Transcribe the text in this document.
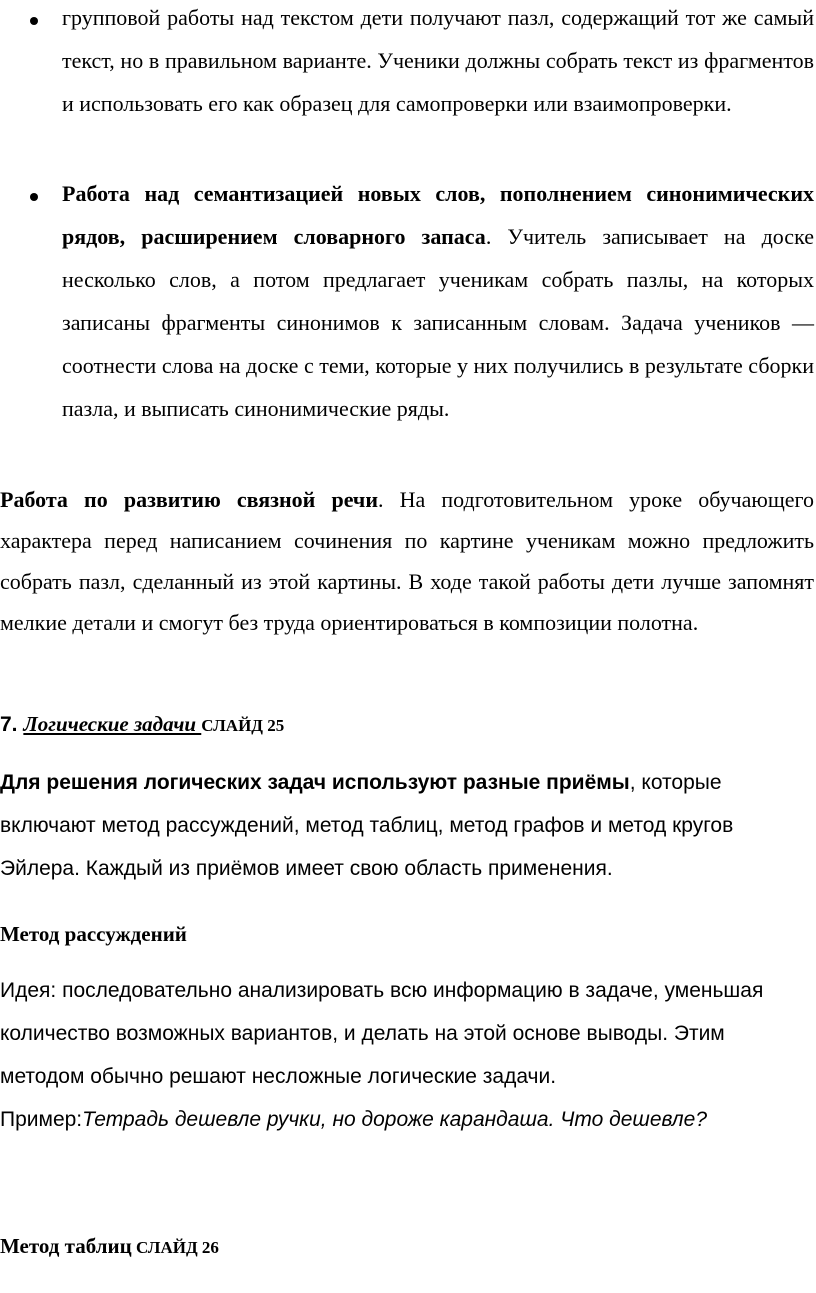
групповой работы над текстом дети получают пазл, содержащий тот же самый текст, но в правильном варианте. Ученики должны собрать текст из фрагментов и использовать его как образец для самопроверки или взаимопроверки.
Работа над семантизацией новых слов, пополнением синонимических рядов, расширением словарного запаса. Учитель записывает на доске несколько слов, а потом предлагает ученикам собрать пазлы, на которых записаны фрагменты синонимов к записанным словам. Задача учеников — соотнести слова на доске с теми, которые у них получились в результате сборки пазла, и выписать синонимические ряды.
Работа по развитию связной речи. На подготовительном уроке обучающего характера перед написанием сочинения по картине ученикам можно предложить собрать пазл, сделанный из этой картины. В ходе такой работы дети лучше запомнят мелкие детали и смогут без труда ориентироваться в композиции полотна.
7. Логические задачи СЛАЙД 25
Для решения логических задач используют разные приёмы, которые включают метод рассуждений, метод таблиц, метод графов и метод кругов Эйлера. Каждый из приёмов имеет свою область применения.
Метод рассуждений
Идея: последовательно анализировать всю информацию в задаче, уменьшая количество возможных вариантов, и делать на этой основе выводы. Этим методом обычно решают несложные логические задачи.
Пример:Тетрадь дешевле ручки, но дороже карандаша. Что дешевле?
Метод таблиц СЛАЙД 26
